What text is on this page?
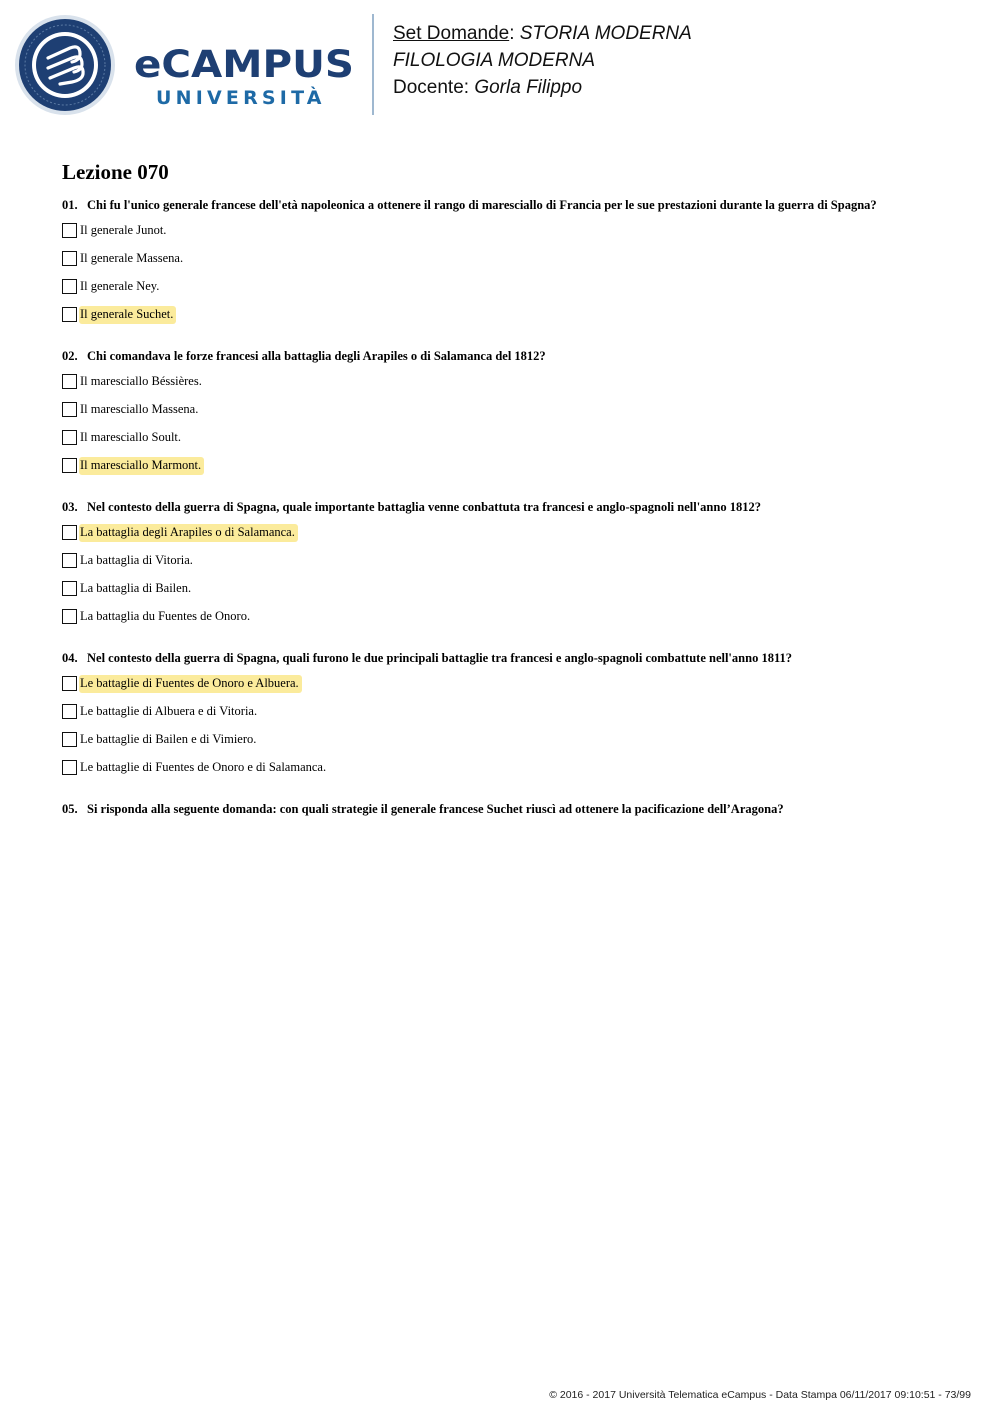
eCAMPUS
UNIVERSITÀ
Set Domande: STORIA MODERNA
FILOLOGIA MODERNA
Docente: Gorla Filippo
Lezione 070
01. Chi fu l'unico generale francese dell'età napoleonica a ottenere il rango di maresciallo di Francia per le sue prestazioni durante la guerra di Spagna?
Il generale Junot.
Il generale Massena.
Il generale Ney.
Il generale Suchet.
02. Chi comandava le forze francesi alla battaglia degli Arapiles o di Salamanca del 1812?
Il maresciallo Béssières.
Il maresciallo Massena.
Il maresciallo Soult.
Il maresciallo Marmont.
03. Nel contesto della guerra di Spagna, quale importante battaglia venne conbattuta tra francesi e anglo-spagnoli nell'anno 1812?
La battaglia degli Arapiles o di Salamanca.
La battaglia di Vitoria.
La battaglia di Bailen.
La battaglia du Fuentes de Onoro.
04. Nel contesto della guerra di Spagna, quali furono le due principali battaglie tra francesi e anglo-spagnoli combattute nell'anno 1811?
Le battaglie di Fuentes de Onoro e Albuera.
Le battaglie di Albuera e di Vitoria.
Le battaglie di Bailen e di Vimiero.
Le battaglie di Fuentes de Onoro e di Salamanca.
05. Si risponda alla seguente domanda: con quali strategie il generale francese Suchet riuscì ad ottenere la pacificazione dell’Aragona?
© 2016 - 2017 Università Telematica eCampus - Data Stampa 06/11/2017 09:10:51 - 73/99
